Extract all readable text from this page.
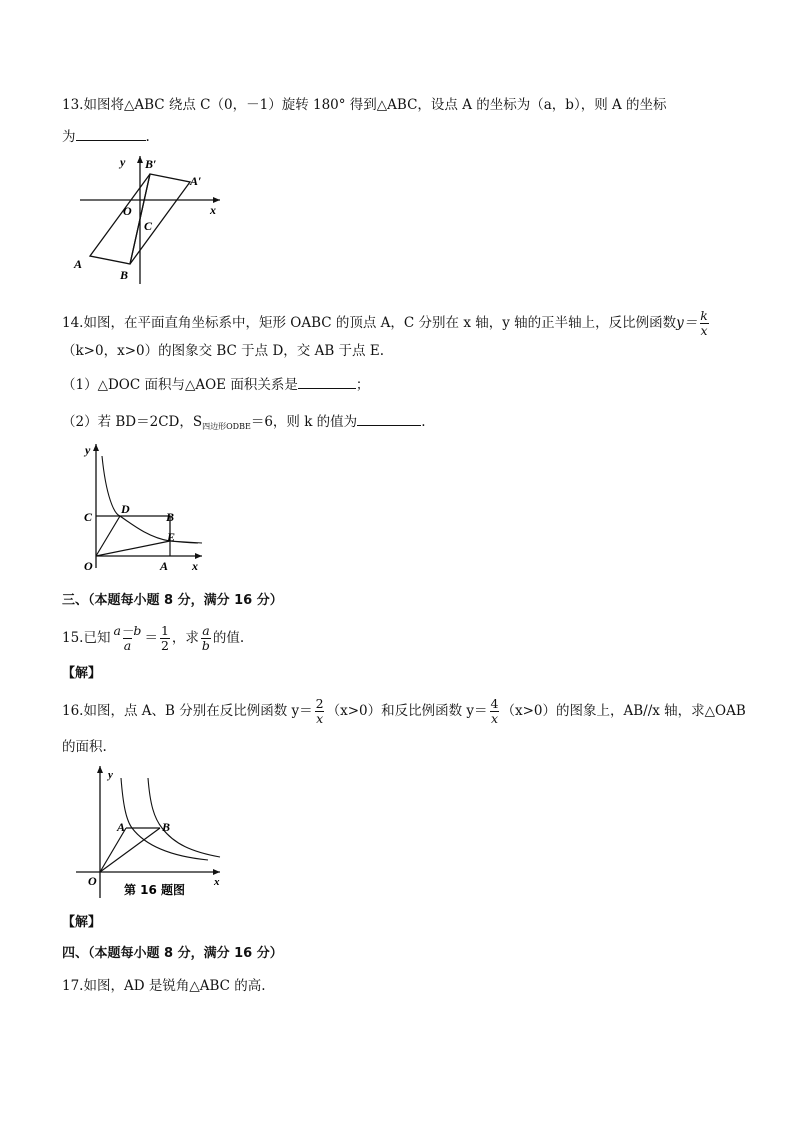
13.如图将△ABC 绕点 C（0，－1）旋转 180° 得到△ABC，设点 A 的坐标为（a，b），则 A 的坐标
为	.
y B′
A′
x
O
C
A
B
14.如图，在平面直角坐标系中，矩形 OABC 的顶点 A，C 分别在 x 轴，y 轴的正半轴上，反比例函数$y= \frac{k}{x}$
（k>0，x>0）的图象交 BC 于点 D，交 AB 于点 E.
（1）△DOC 面积与△AOE 面积关系是	；
（2）若 BD＝2CD，$S_{四边形ODBE}=6$，则 k 的值为	.
y
C
D
B
E
O	A x
三、（本题每小题 8 分，满分 16 分）
15.已知 $\frac{a-b}{a} = \frac{1}{2}$ ，求 $\frac{a}{b}$ 的值.
【解】
16.如图，点 A、B 分别在反比例函数 $y= \frac{2}{x} (x>0)$和反比例函数 $y= \frac{4}{x} (x>0)$的图象上，AB//x 轴，求△OAB
的面积.
y
A	B
O	x
第 16 题图
【解】
四、（本题每小题 8 分，满分 16 分）
17.如图，AD 是锐角△ABC 的高.
